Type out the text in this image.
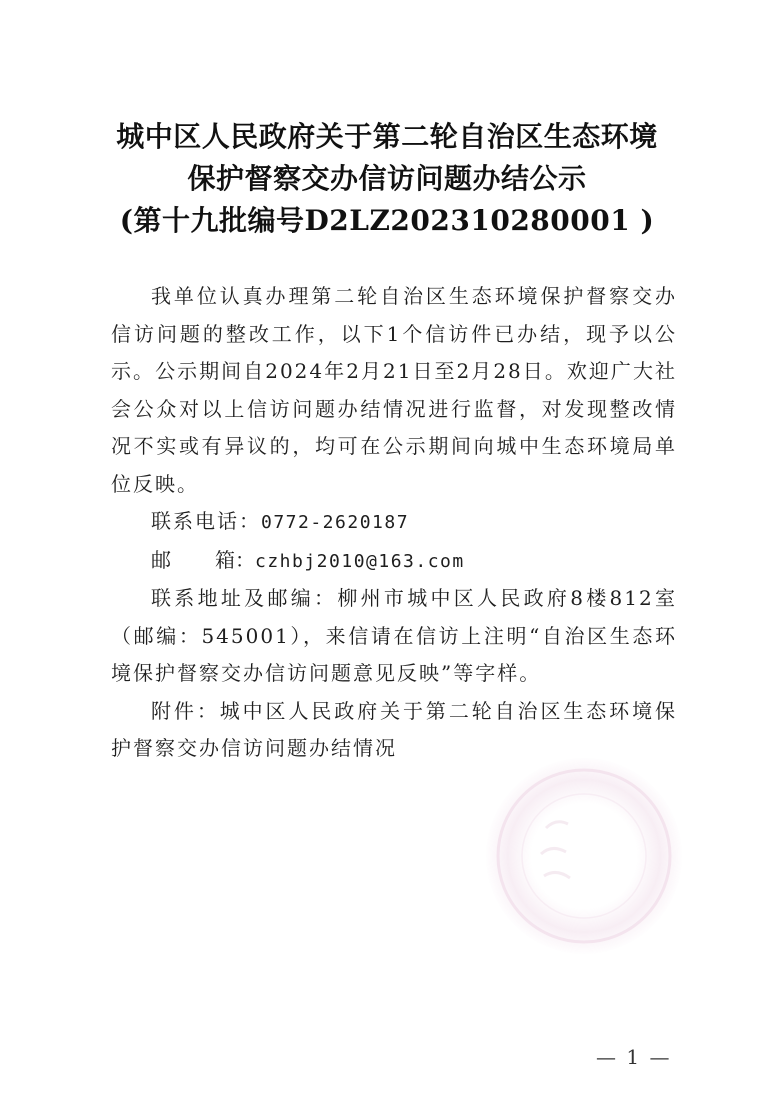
城中区人民政府关于第二轮自治区生态环境
保护督察交办信访问题办结公示
(第十九批编号D2LZ202310280001 )

我单位认真办理第二轮自治区生态环境保护督察交办信访问题的整改工作，以下1个信访件已办结，现予以公示。公示期间自2024年2月21日至2月28日。欢迎广大社会公众对以上信访问题办结情况进行监督，对发现整改情况不实或有异议的，均可在公示期间向城中生态环境局单位反映。

联系电话：0772-2620187

邮 箱：czhbj2010@163.com

联系地址及邮编：柳州市城中区人民政府8楼812室（邮编：545001），来信请在信访上注明“自治区生态环境保护督察交办信访问题意见反映”等字样。

附件：城中区人民政府关于第二轮自治区生态环境保护督察交办信访问题办结情况

— 1 —
